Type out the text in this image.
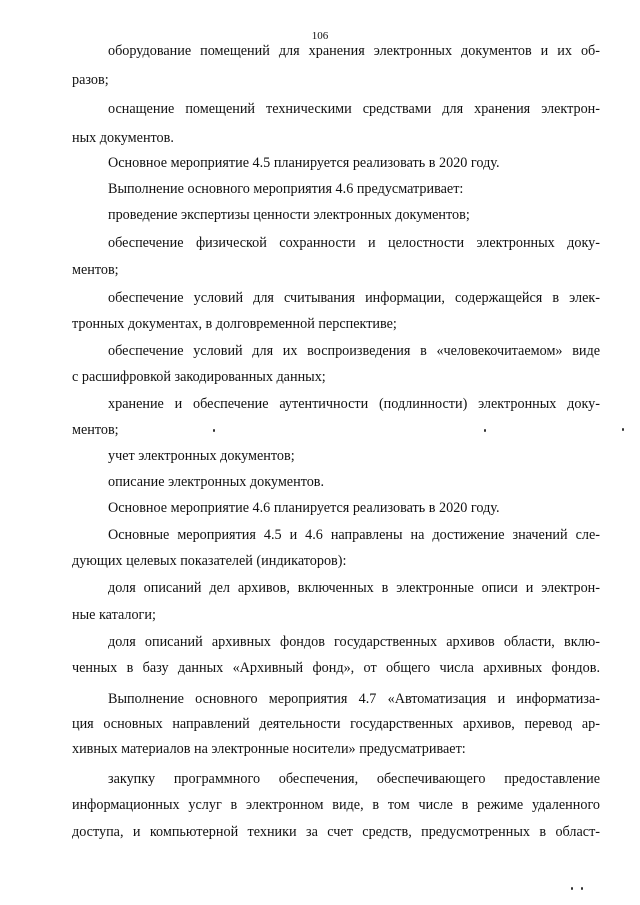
106
оборудование помещений для хранения электронных документов и их об-
разов;
оснащение помещений техническими средствами для хранения электрон-
ных документов.
Основное мероприятие 4.5 планируется реализовать в 2020 году.
Выполнение основного мероприятия 4.6 предусматривает:
проведение экспертизы ценности электронных документов;
обеспечение физической сохранности и целостности электронных доку-
ментов;
обеспечение условий для считывания информации, содержащейся в элек-
тронных документах, в долговременной перспективе;
обеспечение условий для их воспроизведения в «человекочитаемом» виде
с расшифровкой закодированных данных;
хранение и обеспечение аутентичности (подлинности) электронных доку-
ментов;
учет электронных документов;
описание электронных документов.
Основное мероприятие 4.6 планируется реализовать в 2020 году.
Основные мероприятия 4.5 и 4.6 направлены на достижение значений сле-
дующих целевых показателей (индикаторов):
доля описаний дел архивов, включенных в электронные описи и электрон-
ные каталоги;
доля описаний архивных фондов государственных архивов области, вклю-
ченных в базу данных «Архивный фонд», от общего числа архивных фондов.
Выполнение основного мероприятия 4.7 «Автоматизация и информатиза-
ция основных направлений деятельности государственных архивов, перевод ар-
хивных материалов на электронные носители» предусматривает:
закупку программного обеспечения, обеспечивающего предоставление
информационных услуг в электронном виде, в том числе в режиме удаленного
доступа, и компьютерной техники за счет средств, предусмотренных в област-
